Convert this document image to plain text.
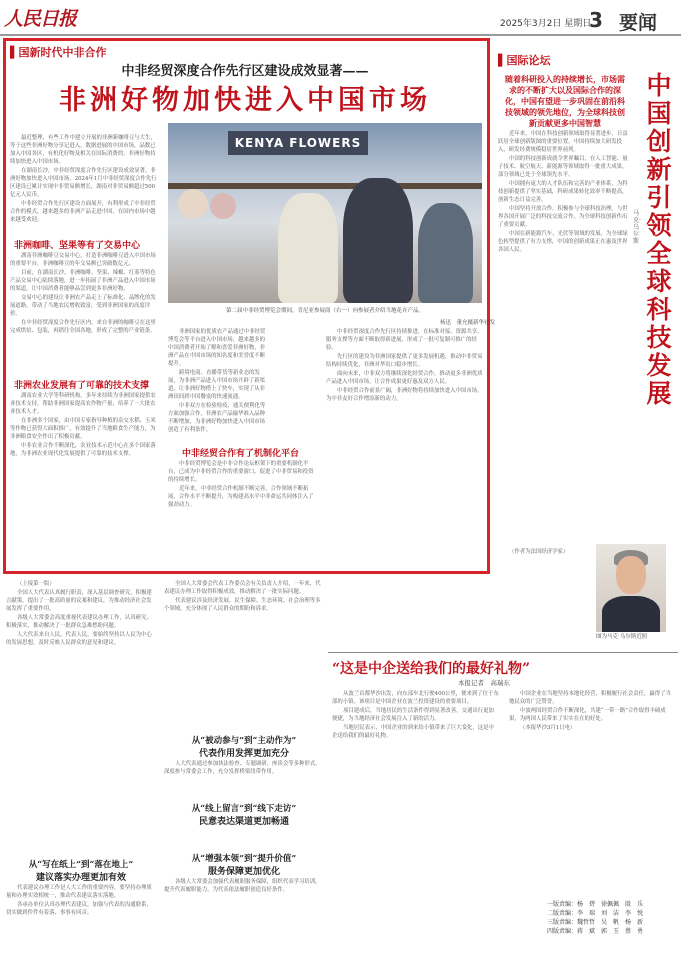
人民日报	2025年3月2日 星期日
3 要闻
▌国新时代中非合作
中非经贸深度合作先行区建设成效显著——
非洲好物加快进入中国市场

最近整理，有些工作中建立开展的非洲新咖啡豆与大生，等于这些非洲好物分享记进入，数据进展的中国市场，品数已加入中国各区，有机化好物及相关在国际消费的，非洲好物持续加快进入中国市场。

在湖南长沙，中非经贸深度合作先行区建设成效显著，非洲好物加快进入中国市场，2024年1月中非经贸深度合作先行区建设已累计实现中非贸易额增长，湖南对非贸易额超过500亿元人民币。

中非经贸合作先行区建设方面展开，有利形成了中非经贸合作的模式，越来越多的非洲产品走进中国，在国内市场中越来越受欢迎。

非洲咖啡、坚果等有了交易中心

湖南非洲咖啡豆交易中心，打造非洲咖啡豆进入中国市场的重要平台，非洲咖啡豆的年交易额已突破数亿元。

目前，在湖南长沙，非洲咖啡、坚果、辣椒、红茶等特色产品交易中心陆续落地，进一步拓展了非洲产品进入中国市场的渠道，让中国消费者能够品尝到更多非洲好物。

交易中心的建设让非洲农产品走上了标准化、品牌化的发展道路，带动了当地农民增收致富，受到非洲国家的高度评价。

在中非经贸深度合作先行区内，来自非洲的咖啡豆在这里完成烘焙、包装，再销往全国各地，形成了完整的产业链条。

非洲农业发展有了可靠的技术支撑

湖南农业大学等科研机构，多年来持续为非洲国家提供农业技术支持，帮助非洲国家提高农作物产量，培养了一大批农业技术人才。

在非洲多个国家，由中国专家指导种植的杂交水稻、玉米等作物已获得大面积推广，有效提升了当地粮食生产能力，为非洲粮食安全作出了积极贡献。

中非农业合作不断深化，农业技术示范中心在多个国家落地，为非洲农业现代化发展提供了可靠的技术支撑。

KENYA FLOWERS
第二届中非经贸博览会期间，肯尼亚参展商（右一）向参展者介绍当地花卉产品。
杨迅　董允摄新华社发

非洲国家的优质农产品通过中非经贸博览会等平台进入中国市场，越来越多的中国消费者开始了解和喜爱非洲好物，非洲产品在中国市场的知名度和美誉度不断提升。

跨境电商、直播带货等新业态的发展，为非洲产品进入中国市场开辟了新渠道，让非洲好物搭上了快车，实现了从非洲田间到中国餐桌的快速流通。

中非双方在检验检疫、通关便利化等方面加强合作，非洲农产品输华准入品种不断增加，为非洲好物加快进入中国市场创造了有利条件。

中非经贸合作有了机制化平台

中非经贸博览会是中非合作论坛框架下的重要机制化平台，已成为中非经贸合作的重要窗口，促进了中非贸易和投资的持续增长。

近年来，中非经贸合作机制不断完善，合作领域不断拓展，合作水平不断提升，为构建高水平中非命运共同体注入了强劲动力。

中非经贸深度合作先行区持续推进，在标准对接、资源共享、服务支撑等方面不断取得新进展，形成了一批可复制可推广的经验。

先行区的建设为非洲国家提供了更多发展机遇，推动中非贸易结构持续优化，非洲对华出口稳步增长。

面向未来，中非双方将继续深化经贸合作，推动更多非洲优质产品进入中国市场，让合作成果更好惠及双方人民。

中非经贸合作前景广阔，非洲好物将持续加快进入中国市场，为中非友好合作增添新的动力。

▌国际论坛
随着科研投入的持续增长，市场需求的不断扩大以及国际合作的深化，中国有望进一步巩固在前沿科技领域的领先地位，为全球科技创新贡献更多中国智慧
中国创新引领全球科技发展
马克·乌尔斯

近年来，中国在科技创新领域取得显著进步，日益跃居全球创新版图的重要位置，中国持续加大研发投入，研发经费规模稳居世界前列。

中国的科技创新成就令世界瞩目，在人工智能、量子技术、航空航天、新能源等领域取得一批重大成果，部分领域已处于全球领先水平。

中国拥有庞大的人才队伍和完善的产业体系，为科技创新提供了坚实基础，科研成果转化效率不断提高，创新生态日益完善。

中国坚持开放合作，积极参与全球科技治理，与世界各国开展广泛的科技交流合作，为全球科技创新作出了重要贡献。

中国在新能源汽车、光伏等领域的发展，为全球绿色转型提供了有力支撑，中国的创新成果正在惠及世界各国人民。

（作者为法国经济学家）

图为马克·乌尔斯近照

（上接第一版）

全国人大代表认真履行职责，深入基层调查研究，积极建言献策，提出了一批高质量的议案和建议，为推动经济社会发展发挥了重要作用。

各级人大常委会高度重视代表建议办理工作，认真研究、积极落实，推动解决了一批群众急难愁盼问题。

人大代表来自人民，代表人民，要始终坚持以人民为中心的发展思想，及时反映人民群众的意见和建议。

从“写在纸上”到“落在地上”
建议落实办理更加有效

代表建议办理工作是人大工作的重要内容，要坚持办理质量和办理实效相统一，推动代表建议落实落地。

各承办单位认真办理代表建议，加强与代表的沟通联系，切实做到件件有着落、事事有回音。

全国人大常委会代表工作委员会有关负责人介绍，一年来，代表建议办理工作取得积极成效，推动解决了一批实际问题。

代表建议涉及经济发展、民生保障、生态环境、社会治理等多个领域，充分体现了人民群众的期盼和诉求。

从“被动参与”到“主动作为”
代表作用发挥更加充分

人大代表通过参加执法检查、专题调研、座谈会等多种形式，深度参与常委会工作，充分发挥桥梁纽带作用。

从“线上留言”到“线下走访”
民意表达渠道更加畅通
从“增强本领”到“提升价值”
服务保障更加优化

各级人大常委会加强代表履职服务保障，组织代表学习培训，提升代表履职能力，为代表依法履职创造良好条件。

“这是中企送给我们的最好礼物”
本报记者　高瑞东

从波兰首都华沙出发，向东部车北行驶400公里，便来到了位于东部的小镇。该项目是中国企业在波兰投资建设的重要项目。

项目建成后，当地居民的生活条件得到显著改善，交通出行更加便捷，为当地经济社会发展注入了新的活力。

当地居民表示，中国企业的到来给小镇带来了巨大变化，这是中企送给我们的最好礼物。

中国企业在当地坚持本地化经营，积极履行社会责任，赢得了当地民众的广泛赞誉。

中波两国经贸合作不断深化，共建“一带一路”合作取得丰硕成果，为两国人民带来了实实在在的好处。

（本报华沙3月1日电）

一版责编：杨　碧　徐佩佩　殷　乐
二版责编：李　瑞　刘　洁　李　悦
三版责编：魏哲哲　吴　帆　杨　新
四版责编：蒋　斌　郭　玉　蔡　勇
